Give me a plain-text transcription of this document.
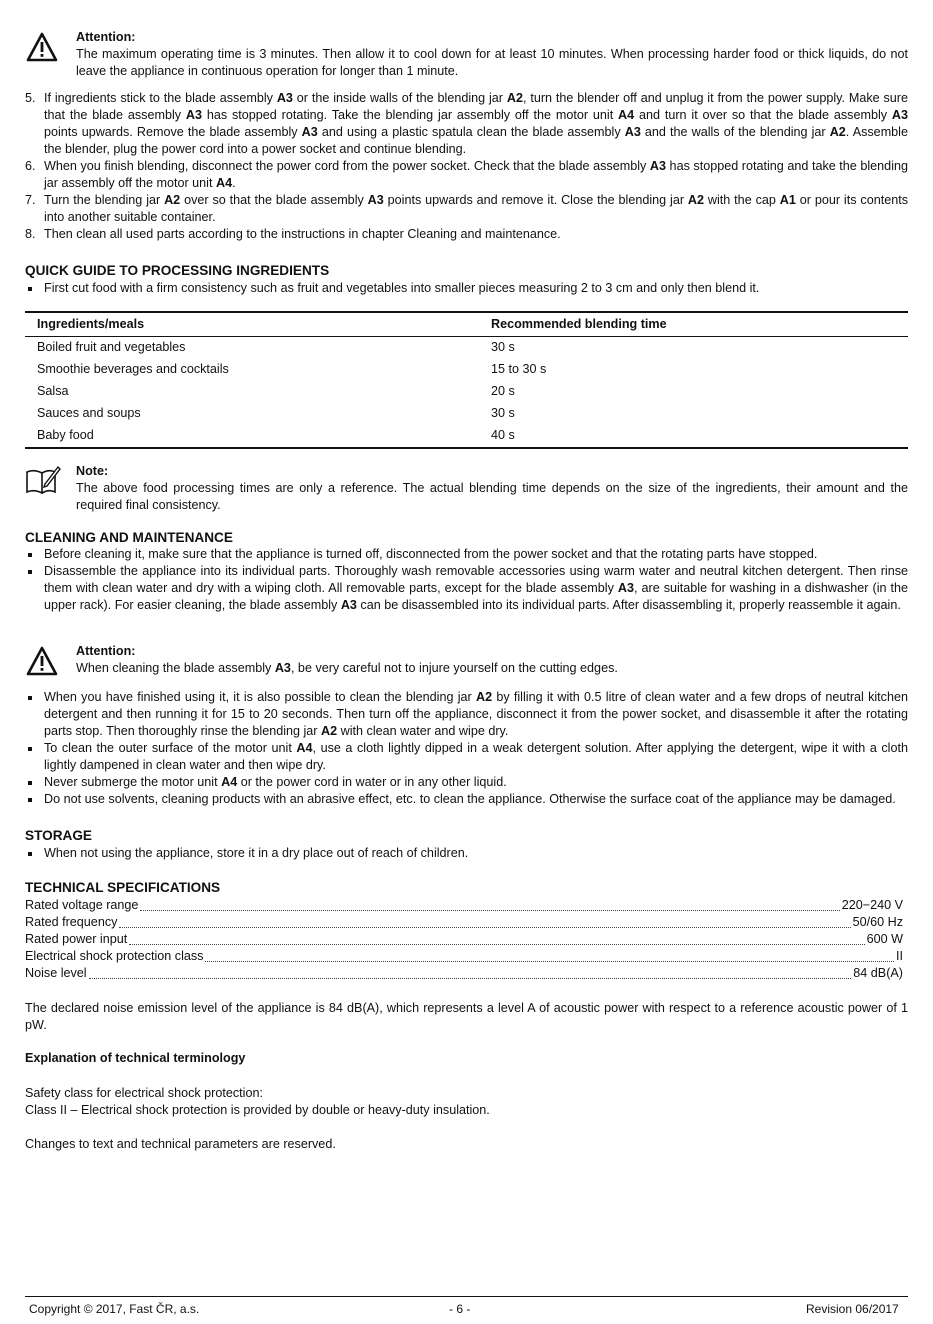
Attention:

The maximum operating time is 3 minutes. Then allow it to cool down for at least 10 minutes. When processing harder food or thick liquids, do not leave the appliance in continuous operation for longer than 1 minute.

5. If ingredients stick to the blade assembly A3 or the inside walls of the blending jar A2, turn the blender off and unplug it from the power supply. Make sure that the blade assembly A3 has stopped rotating. Take the blending jar assembly off the motor unit A4 and turn it over so that the blade assembly A3 points upwards. Remove the blade assembly A3 and using a plastic spatula clean the blade assembly A3 and the walls of the blending jar A2. Assemble the blender, plug the power cord into a power socket and continue blending.
6. When you finish blending, disconnect the power cord from the power socket. Check that the blade assembly A3 has stopped rotating and take the blending jar assembly off the motor unit A4.
7. Turn the blending jar A2 over so that the blade assembly A3 points upwards and remove it. Close the blending jar A2 with the cap A1 or pour its contents into another suitable container.
8. Then clean all used parts according to the instructions in chapter Cleaning and maintenance.
QUICK GUIDE TO PROCESSING INGREDIENTS
First cut food with a firm consistency such as fruit and vegetables into smaller pieces measuring 2 to 3 cm and only then blend it.
Ingredients/meals	Recommended blending time
Boiled fruit and vegetables	30 s
Smoothie beverages and cocktails	15 to 30 s
Salsa	20 s
Sauces and soups	30 s
Baby food	40 s
Note:

The above food processing times are only a reference. The actual blending time depends on the size of the ingredients, their amount and the required final consistency.

CLEANING AND MAINTENANCE
Before cleaning it, make sure that the appliance is turned off, disconnected from the power socket and that the rotating parts have stopped.
Disassemble the appliance into its individual parts. Thoroughly wash removable accessories using warm water and neutral kitchen detergent. Then rinse them with clean water and dry with a wiping cloth. All removable parts, except for the blade assembly A3, are suitable for washing in a dishwasher (in the upper rack). For easier cleaning, the blade assembly A3 can be disassembled into its individual parts. After disassembling it, properly reassemble it again.
Attention:

When cleaning the blade assembly A3, be very careful not to injure yourself on the cutting edges.

When you have finished using it, it is also possible to clean the blending jar A2 by filling it with 0.5 litre of clean water and a few drops of neutral kitchen detergent and then running it for 15 to 20 seconds. Then turn off the appliance, disconnect it from the power socket, and disassemble it after the rotating parts stop. Then thoroughly rinse the blending jar A2 with clean water and wipe dry.
To clean the outer surface of the motor unit A4, use a cloth lightly dipped in a weak detergent solution. After applying the detergent, wipe it with a cloth lightly dampened in clean water and then wipe dry.
Never submerge the motor unit A4 or the power cord in water or in any other liquid.
Do not use solvents, cleaning products with an abrasive effect, etc. to clean the appliance. Otherwise the surface coat of the appliance may be damaged.
STORAGE
When not using the appliance, store it in a dry place out of reach of children.
TECHNICAL SPECIFICATIONS
Rated voltage range	220−240 V
Rated frequency	50/60 Hz
Rated power input	600 W
Electrical shock protection class	II
Noise level	84 dB(A)

The declared noise emission level of the appliance is 84 dB(A), which represents a level A of acoustic power with respect to a reference acoustic power of 1 pW.

Explanation of technical terminology
Safety class for electrical shock protection:
Class II – Electrical shock protection is provided by double or heavy-duty insulation.
Changes to text and technical parameters are reserved.
Copyright © 2017, Fast ČR, a.s.	- 6 -	Revision 06/2017
